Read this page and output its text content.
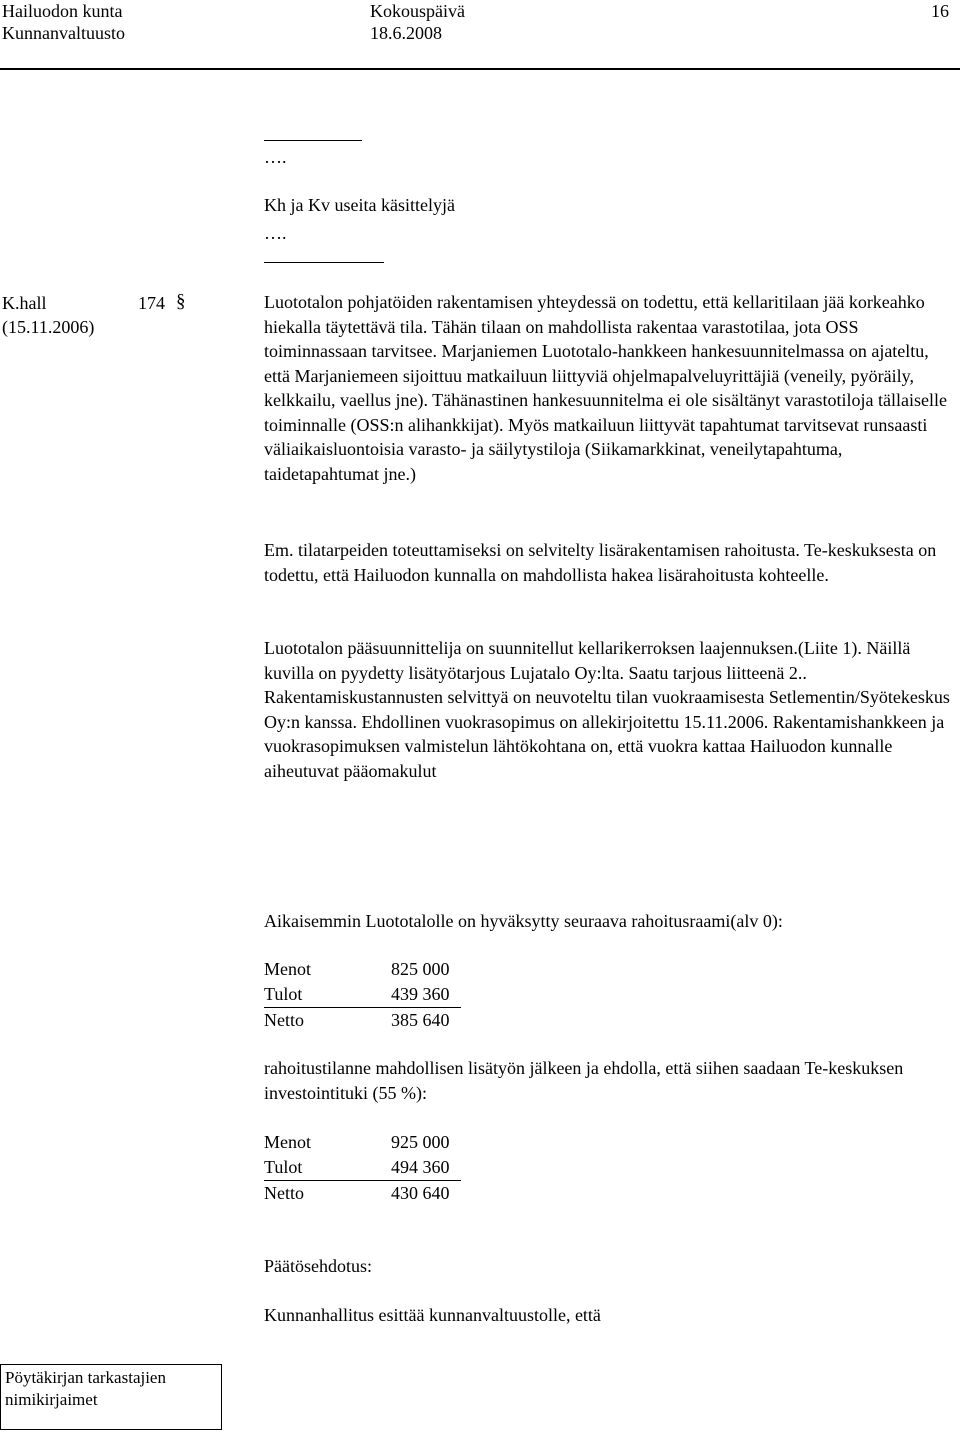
Hailuodon kunta	Kokouspäivä	16
Kunnanvaltuusto	18.6.2008
….
Kh ja Kv useita käsittelyjä
….
K.hall	174 §
(15.11.2006)

Luototalon pohjatöiden rakentamisen yhteydessä on todettu, että kellaritilaan jää korkeahko hiekalla täytettävä tila. Tähän tilaan on mahdollista rakentaa varastotilaa, jota OSS toiminnassaan tarvitsee. Marjaniemen Luototalo-hankkeen hankesuunnitelmassa on ajateltu, että Marjaniemeen sijoittuu matkailuun liittyviä ohjelmapalveluyrittäjiä (veneily, pyöräily, kelkkailu, vaellus jne). Tähänastinen hankesuunnitelma ei ole sisältänyt varastotiloja tällaiselle toiminnalle (OSS:n alihankkijat). Myös matkailuun liittyvät tapahtumat tarvitsevat runsaasti väliaikaisluontoisia varasto- ja säilytystiloja (Siikamarkkinat, veneilytapahtuma, taidetapahtumat jne.)

Em. tilatarpeiden toteuttamiseksi on selvitelty lisärakentamisen rahoitusta. Te-keskuksesta on todettu, että Hailuodon kunnalla on mahdollista hakea lisärahoitusta kohteelle.

Luototalon pääsuunnittelija on suunnitellut kellarikerroksen laajennuksen.(Liite 1). Näillä kuvilla on pyydetty lisätyötarjous Lujatalo Oy:lta. Saatu tarjous liitteenä 2.. Rakentamiskustannusten selvittyä on neuvoteltu tilan vuokraamisesta Setlementin/Syötekeskus Oy:n kanssa. Ehdollinen vuokrasopimus on allekirjoitettu 15.11.2006. Rakentamishankkeen ja vuokrasopimuksen valmistelun lähtökohtana on, että vuokra kattaa Hailuodon kunnalle aiheutuvat pääomakulut

Aikaisemmin Luototalolle on hyväksytty seuraava rahoitusraami(alv 0):
Menot	825 000
Tulot	439 360
Netto	385 640

rahoitustilanne mahdollisen lisätyön jälkeen ja ehdolla, että siihen saadaan Te-keskuksen investointituki (55 %):

Menot	925 000
Tulot	494 360
Netto	430 640
Päätösehdotus:
Kunnanhallitus esittää kunnanvaltuustolle, että
Pöytäkirjan tarkastajien
nimikirjaimet
